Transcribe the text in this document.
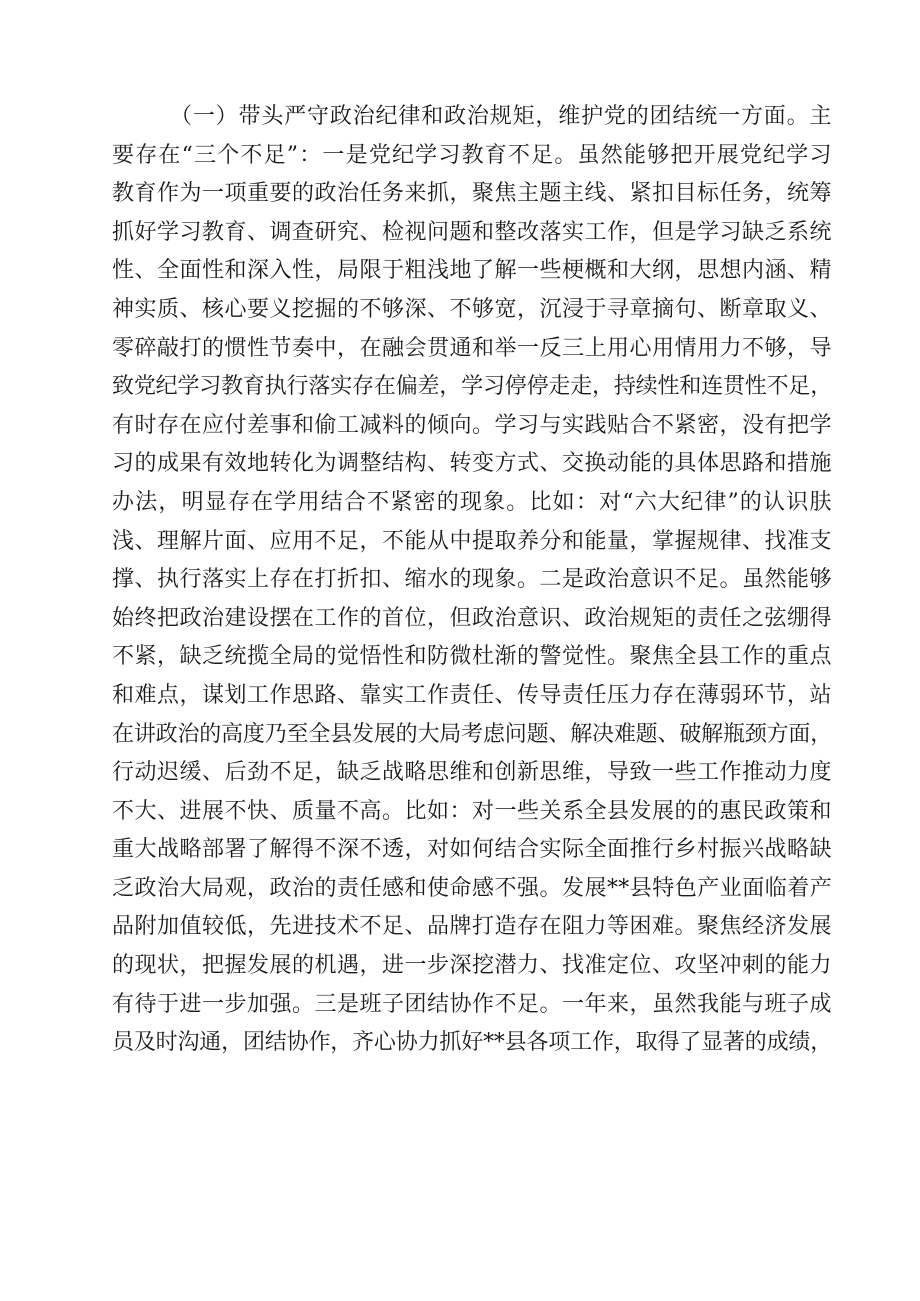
（一）带头严守政治纪律和政治规矩，维护党的团结统一方面。主
要存在“三个不足”：一是党纪学习教育不足。虽然能够把开展党纪学习
教育作为一项重要的政治任务来抓，聚焦主题主线、紧扣目标任务，统筹
抓好学习教育、调查研究、检视问题和整改落实工作，但是学习缺乏系统
性、全面性和深入性，局限于粗浅地了解一些梗概和大纲，思想内涵、精
神实质、核心要义挖掘的不够深、不够宽，沉浸于寻章摘句、断章取义、
零碎敲打的惯性节奏中，在融会贯通和举一反三上用心用情用力不够，导
致党纪学习教育执行落实存在偏差，学习停停走走，持续性和连贯性不足，
有时存在应付差事和偷工减料的倾向。学习与实践贴合不紧密，没有把学
习的成果有效地转化为调整结构、转变方式、交换动能的具体思路和措施
办法，明显存在学用结合不紧密的现象。比如：对“六大纪律”的认识肤
浅、理解片面、应用不足，不能从中提取养分和能量，掌握规律、找准支
撑、执行落实上存在打折扣、缩水的现象。二是政治意识不足。虽然能够
始终把政治建设摆在工作的首位，但政治意识、政治规矩的责任之弦绷得
不紧，缺乏统揽全局的觉悟性和防微杜渐的警觉性。聚焦全县工作的重点
和难点，谋划工作思路、靠实工作责任、传导责任压力存在薄弱环节，站
在讲政治的高度乃至全县发展的大局考虑问题、解决难题、破解瓶颈方面，
行动迟缓、后劲不足，缺乏战略思维和创新思维，导致一些工作推动力度
不大、进展不快、质量不高。比如：对一些关系全县发展的的惠民政策和
重大战略部署了解得不深不透，对如何结合实际全面推行乡村振兴战略缺
乏政治大局观，政治的责任感和使命感不强。发展**县特色产业面临着产
品附加值较低，先进技术不足、品牌打造存在阻力等困难。聚焦经济发展
的现状，把握发展的机遇，进一步深挖潜力、找准定位、攻坚冲刺的能力
有待于进一步加强。三是班子团结协作不足。一年来，虽然我能与班子成
员及时沟通，团结协作，齐心协力抓好**县各项工作，取得了显著的成绩，
